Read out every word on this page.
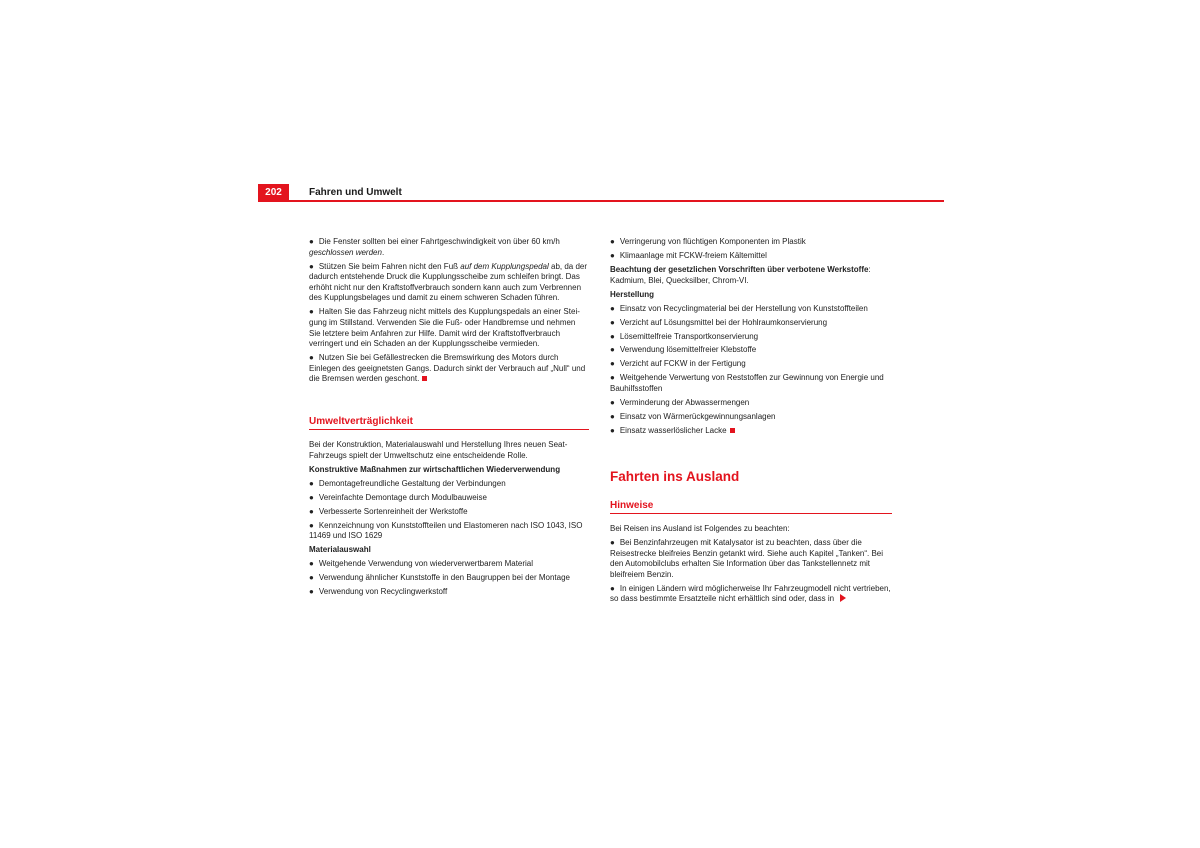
202	Fahren und Umwelt

● Die Fenster sollten bei einer Fahrtgeschwindigkeit von über 60 km/h geschlossen werden.

● Stützen Sie beim Fahren nicht den Fuß auf dem Kupplungspedal ab, da der dadurch entstehende Druck die Kupplungsscheibe zum schleifen bringt. Das erhöht nicht nur den Kraftstoffverbrauch sondern kann auch zum Verbrennen des Kupplungsbelages und damit zu einem schweren Schaden führen.

● Halten Sie das Fahrzeug nicht mittels des Kupplungspedals an einer Stei-gung im Stillstand. Verwenden Sie die Fuß- oder Handbremse und nehmen Sie letztere beim Anfahren zur Hilfe. Damit wird der Kraftstoffverbrauch verringert und ein Schaden an der Kupplungsscheibe vermieden.

● Nutzen Sie bei Gefällestrecken die Bremswirkung des Motors durch Einlegen des geeignetsten Gangs. Dadurch sinkt der Verbrauch auf „Null“ und die Bremsen werden geschont.

Umweltverträglichkeit

Bei der Konstruktion, Materialauswahl und Herstellung Ihres neuen Seat-Fahrzeugs spielt der Umweltschutz eine entscheidende Rolle.

Konstruktive Maßnahmen zur wirtschaftlichen Wiederverwendung

● Demontagefreundliche Gestaltung der Verbindungen

● Vereinfachte Demontage durch Modulbauweise

● Verbesserte Sortenreinheit der Werkstoffe

● Kennzeichnung von Kunststoffteilen und Elastomeren nach ISO 1043, ISO 11469 und ISO 1629

Materialauswahl

● Weitgehende Verwendung von wiederverwertbarem Material

● Verwendung ähnlicher Kunststoffe in den Baugruppen bei der Montage

● Verwendung von Recyclingwerkstoff

● Verringerung von flüchtigen Komponenten im Plastik

● Klimaanlage mit FCKW-freiem Kältemittel

Beachtung der gesetzlichen Vorschriften über verbotene Werkstoffe: Kadmium, Blei, Quecksilber, Chrom-VI.

Herstellung

● Einsatz von Recyclingmaterial bei der Herstellung von Kunststoffteilen

● Verzicht auf Lösungsmittel bei der Hohlraumkonservierung

● Lösemittelfreie Transportkonservierung

● Verwendung lösemittelfreier Klebstoffe

● Verzicht auf FCKW in der Fertigung

● Weitgehende Verwertung von Reststoffen zur Gewinnung von Energie und Bauhilfsstoffen

● Verminderung der Abwassermengen

● Einsatz von Wärmerückgewinnungsanlagen

● Einsatz wasserlöslicher Lacke

Fahrten ins Ausland
Hinweise

Bei Reisen ins Ausland ist Folgendes zu beachten:

● Bei Benzinfahrzeugen mit Katalysator ist zu beachten, dass über die Reisestrecke bleifreies Benzin getankt wird. Siehe auch Kapitel „Tanken“. Bei den Automobilclubs erhalten Sie Information über das Tankstellennetz mit bleifreiem Benzin.

● In einigen Ländern wird möglicherweise Ihr Fahrzeugmodell nicht vertrieben, so dass bestimmte Ersatzteile nicht erhältlich sind oder, dass in
